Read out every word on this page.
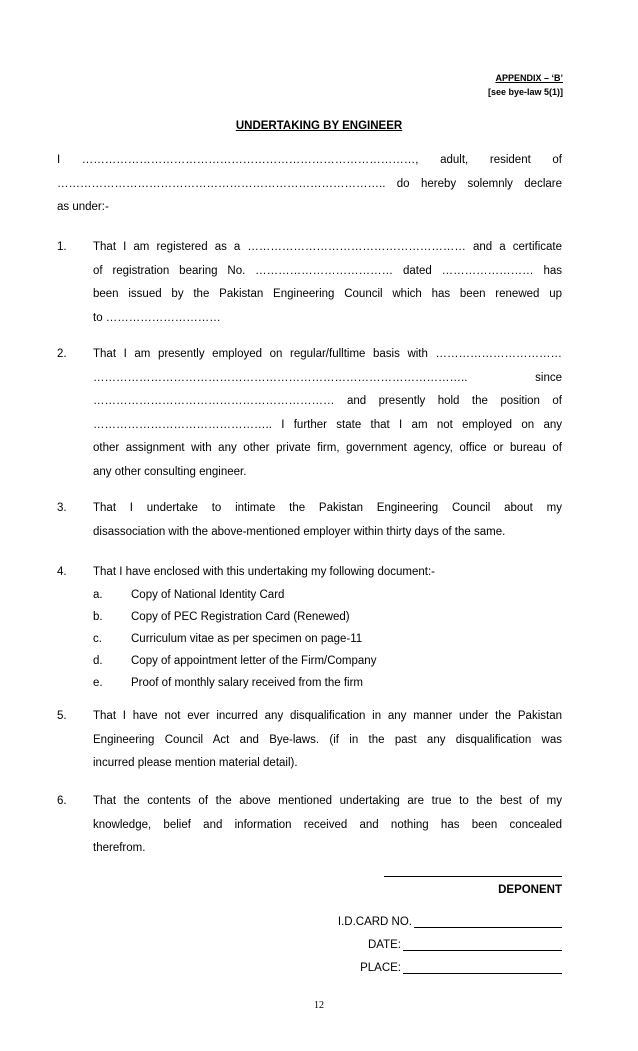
APPENDIX – ‘B’
[see bye-law 5(1)]
UNDERTAKING BY ENGINEER
I ……………………………………………………………………………, adult, resident of
………………………………………………………………………….. do hereby solemnly declare
as under:-
1.	That I am registered as a ………………………………………………… and a certificate
of registration bearing No. ……………………………… dated …………………… has
been issued by the Pakistan Engineering Council which has been renewed up
to …………………………
2.	That I am presently employed on regular/fulltime basis with ……………………………
…………………………………………………………………………………….. since
……………………………………………………… and presently hold the position of
……………………………………….. I further state that I am not employed on any
other assignment with any other private firm, government agency, office or bureau of
any other consulting engineer.
3.	That I undertake to intimate the Pakistan Engineering Council about my
disassociation with the above-mentioned employer within thirty days of the same.
4.	That I have enclosed with this undertaking my following document:-
a. Copy of National Identity Card
b. Copy of PEC Registration Card (Renewed)
c.	Curriculum vitae as per specimen on page-11
d. Copy of appointment letter of the Firm/Company
e. Proof of monthly salary received from the firm
5.	That I have not ever incurred any disqualification in any manner under the Pakistan
Engineering Council Act and Bye-laws. (if in the past any disqualification was
incurred please mention material detail).
6.	That the contents of the above mentioned undertaking are true to the best of my
knowledge, belief and information received and nothing has been concealed
therefrom.
DEPONENT
I.D.CARD NO.
DATE:
PLACE:
12
